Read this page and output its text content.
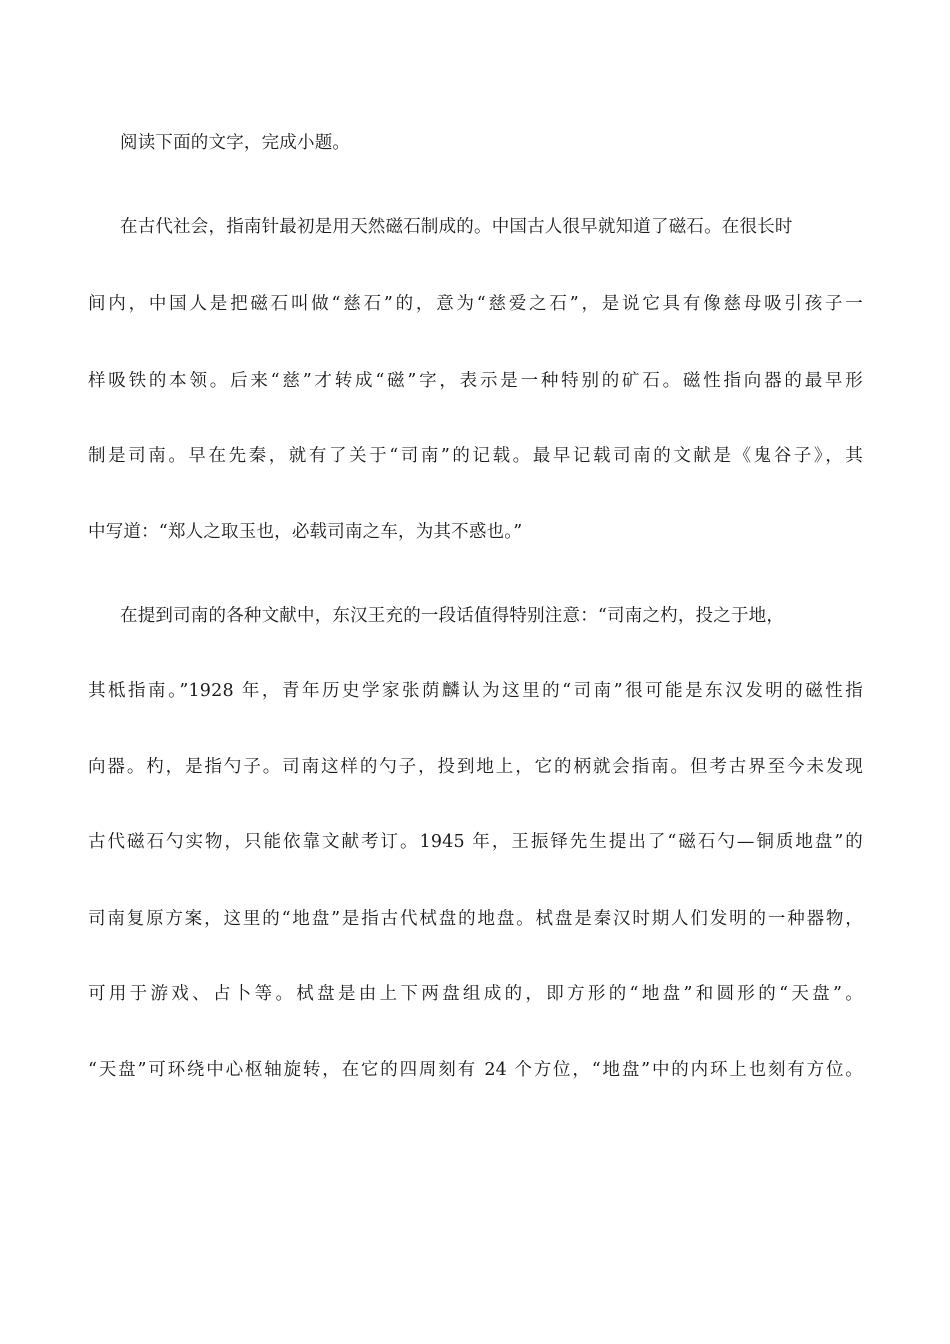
阅读下面的文字，完成小题。
在古代社会，指南针最初是用天然磁石制成的。中国古人很早就知道了磁石。在很长时
间内，中国人是把磁石叫做“慈石”的，意为“慈爱之石”，是说它具有像慈母吸引孩子一
样吸铁的本领。后来“慈”才转成“磁”字，表示是一种特别的矿石。磁性指向器的最早形
制是司南。早在先秦，就有了关于“司南”的记载。最早记载司南的文献是《鬼谷子》，其
中写道：“郑人之取玉也，必载司南之车，为其不惑也。”
在提到司南的各种文献中，东汉王充的一段话值得特别注意：“司南之杓，投之于地，
其柢指南。”1928 年，青年历史学家张荫麟认为这里的“司南”很可能是东汉发明的磁性指
向器。杓，是指勺子。司南这样的勺子，投到地上，它的柄就会指南。但考古界至今未发现
古代磁石勺实物，只能依靠文献考订。1945 年，王振铎先生提出了“磁石勺—铜质地盘”的
司南复原方案，这里的“地盘”是指古代栻盘的地盘。栻盘是秦汉时期人们发明的一种器物，
可用于游戏、占卜等。栻盘是由上下两盘组成的，即方形的“地盘”和圆形的“天盘”。
“天盘”可环绕中心枢轴旋转，在它的四周刻有 24 个方位，“地盘”中的内环上也刻有方位。
